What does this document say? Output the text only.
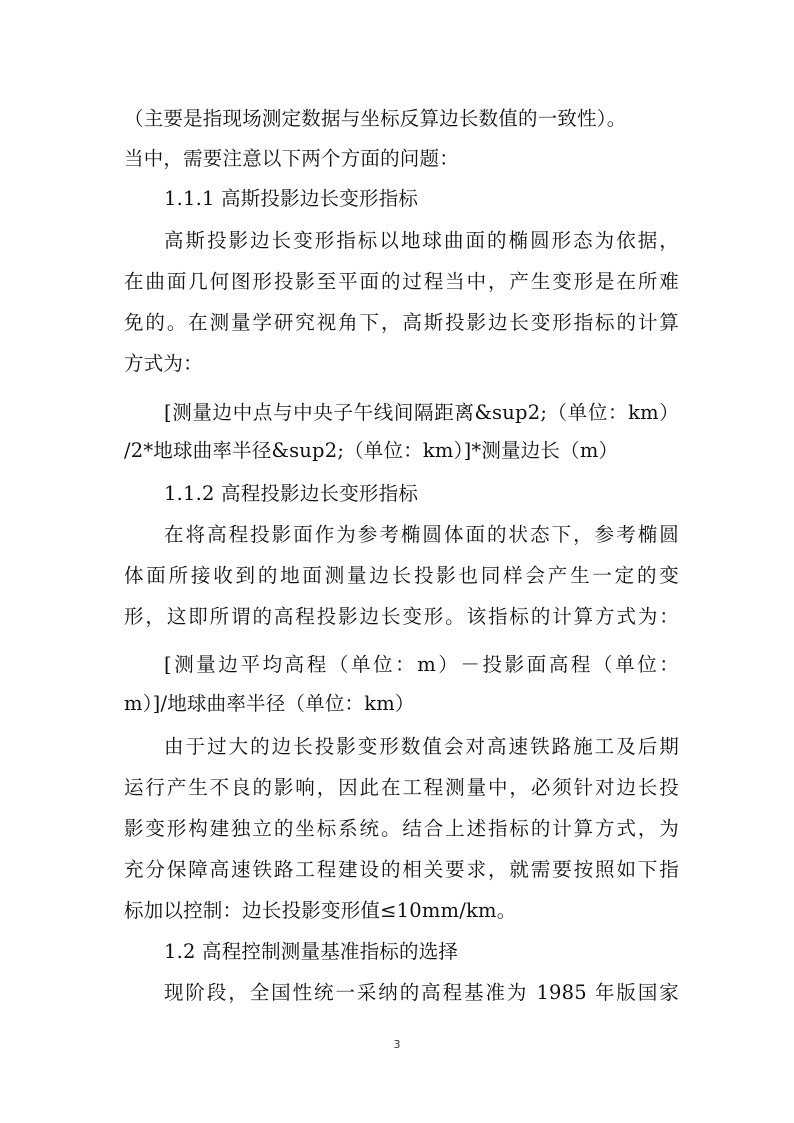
（主要是指现场测定数据与坐标反算边长数值的一致性）。
当中，需要注意以下两个方面的问题：
1.1.1 高斯投影边长变形指标
高斯投影边长变形指标以地球曲面的椭圆形态为依据，
在曲面几何图形投影至平面的过程当中，产生变形是在所难
免的。在测量学研究视角下，高斯投影边长变形指标的计算
方式为：
[测量边中点与中央子午线间隔距离&sup2;（单位：km）
/2*地球曲率半径&sup2;（单位：km）]*测量边长（m）
1.1.2 高程投影边长变形指标
在将高程投影面作为参考椭圆体面的状态下，参考椭圆
体面所接收到的地面测量边长投影也同样会产生一定的变
形，这即所谓的高程投影边长变形。该指标的计算方式为：
[测量边平均高程（单位：m）－投影面高程（单位：
m）]/地球曲率半径（单位：km）
由于过大的边长投影变形数值会对高速铁路施工及后期
运行产生不良的影响，因此在工程测量中，必须针对边长投
影变形构建独立的坐标系统。结合上述指标的计算方式，为
充分保障高速铁路工程建设的相关要求，就需要按照如下指
标加以控制：边长投影变形值≤10mm/km。
1.2 高程控制测量基准指标的选择
现阶段，全国性统一采纳的高程基准为 1985 年版国家
3
